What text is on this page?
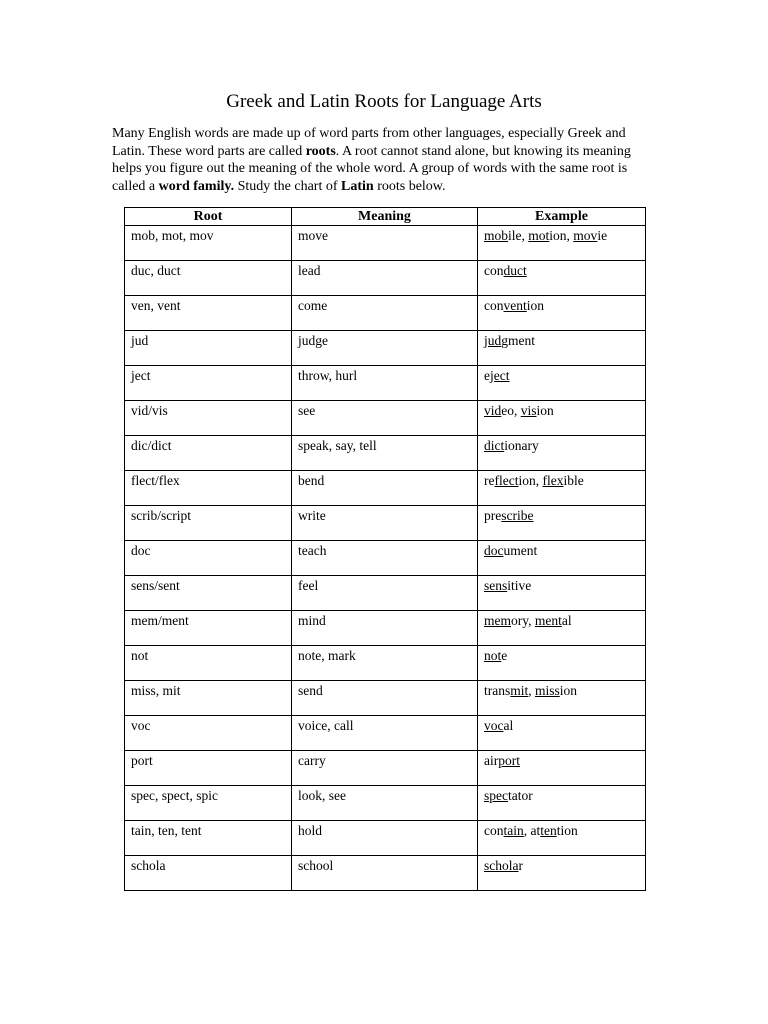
Greek and Latin Roots for Language Arts

Many English words are made up of word parts from other languages, especially Greek and Latin. These word parts are called roots. A root cannot stand alone, but knowing its meaning helps you figure out the meaning of the whole word. A group of words with the same root is called a word family. Study the chart of Latin roots below.

Root	Meaning	Example

mob, mot, mov	move	mobile, motion, movie

duc, duct	lead	conduct

ven, vent	come	convention

jud	judge	judgment

ject	throw, hurl	eject

vid/vis	see	video, vision

dic/dict	speak, say, tell	dictionary

flect/flex	bend	reflection, flexible

scrib/script	write	prescribe

doc	teach	document

sens/sent	feel	sensitive

mem/ment	mind	memory, mental

not	note, mark	note

miss, mit	send	transmit, mission

voc	voice, call	vocal

port	carry	airport

spec, spect, spic	look, see	spectator

tain, ten, tent	hold	contain, attention

schola	school	scholar
